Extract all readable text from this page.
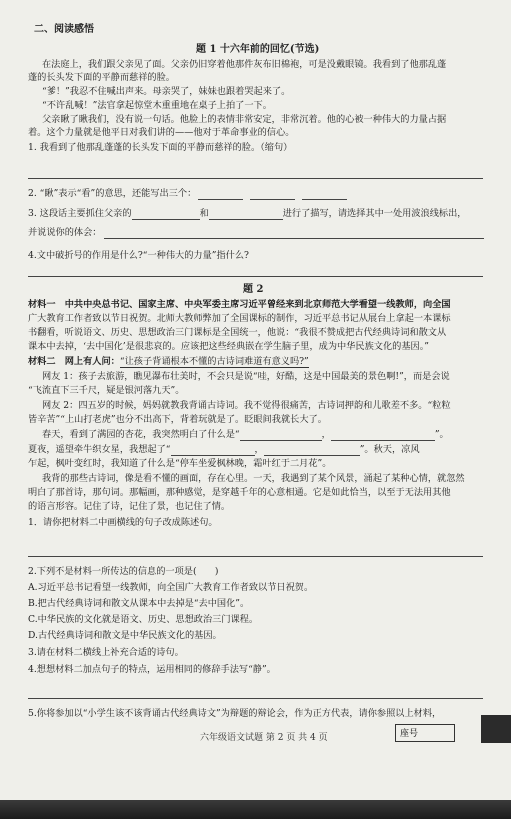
二、阅读感悟
题 1 十六年前的回忆(节选)
在法庭上，我们跟父亲见了面。父亲仍旧穿着他那件灰布旧棉袍，可是没戴眼镜。我看到了他那乱蓬
蓬的长头发下面的平静而慈祥的脸。
“爹！”我忍不住喊出声来。母亲哭了，妹妹也跟着哭起来了。
“不许乱喊！”法官拿起惊堂木重重地在桌子上拍了一下。
父亲瞅了瞅我们，没有说一句话。他脸上的表情非常安定，非常沉着。他的心被一种伟大的力量占据
着。这个力量就是他平日对我们讲的——他对于革命事业的信心。
1. 我看到了他那乱蓬蓬的长头发下面的平静而慈祥的脸。（缩句）
2. “瞅”表示“看”的意思，还能写出三个：
3. 这段话主要抓住父亲的	和	进行了描写，请选择其中一处用波浪线标出，
并说说你的体会：
4.文中破折号的作用是什么?“一种伟大的力量”指什么?
题 2
材料一　中共中央总书记、国家主席、中央军委主席习近平曾经来到北京师范大学看望一线教师，向全国
广大教育工作者致以节日祝贺。北师大教师弊加了全国课标的制作，习近平总书记从展台上拿起一本课标
书翻看，听说语文、历史、思想政治三门课标是全国统一，他说：“我很不赞成把古代经典诗词和散文从
课本中去掉，‘去中国化’是很悲哀的。应该把这些经典嵌在学生脑子里，成为中华民族文化的基因。”
材料二　网上有人问：“让孩子背诵根本不懂的古诗词难道有意义吗?”
网友 1：孩子去旅游，瞧见瀑布壮美时，不会只是说“哇，好酷，这是中国最美的景色啊!”，而是会说
“飞流直下三千尺，疑是银河落九天”。
网友 2：四五岁的时候，妈妈就教我背诵古诗词。我不觉得很痛苦，古诗词押韵和儿歌差不多。“粒粒
皆辛苦”“上山打老虎”也分不出高下，背着玩就是了。眨眼间我就长大了。
春天，看到了满园的杏花，我突然明白了什么是“	，	”。
夏夜，遥望牵牛织女星，我想起了“	，	”。秋天，凉风
乍起，枫叶变红时，我知道了什么是“停车坐爱枫林晚，霜叶红于二月花”。
我背的那些古诗词，像是看不懂的画面，存在心里。一天，我遇到了某个风景，涌起了某种心情，就忽然
明白了那首诗，那句词。那幅画，那种感觉，是穿越千年的心意相通。它是如此恰当，以至于无法用其他
的语言形容。记住了诗，记住了景，也记住了情。
1．请你把材料二中画横线的句子改成陈述句。
2.下列不是材料一所传达的信息的一项是(　　)
A.习近平总书记看望一线教师，向全国广大教育工作者致以节日祝贺。
B.把古代经典诗词和散文从课本中去掉是“去中国化”。
C.中华民族的文化就是语文、历史、思想政治三门课程。
D.古代经典诗词和散文是中华民族文化的基因。
3.请在材料二横线上补充合适的诗句。
4.想想材料二加点句子的特点，运用相同的修辞手法写“静”。
5.你将参加以“小学生该不该背诵古代经典诗文”为辩题的辩论会，作为正方代表，请你参照以上材料，
六年级语文试题 第 2 页 共 4 页	座号
